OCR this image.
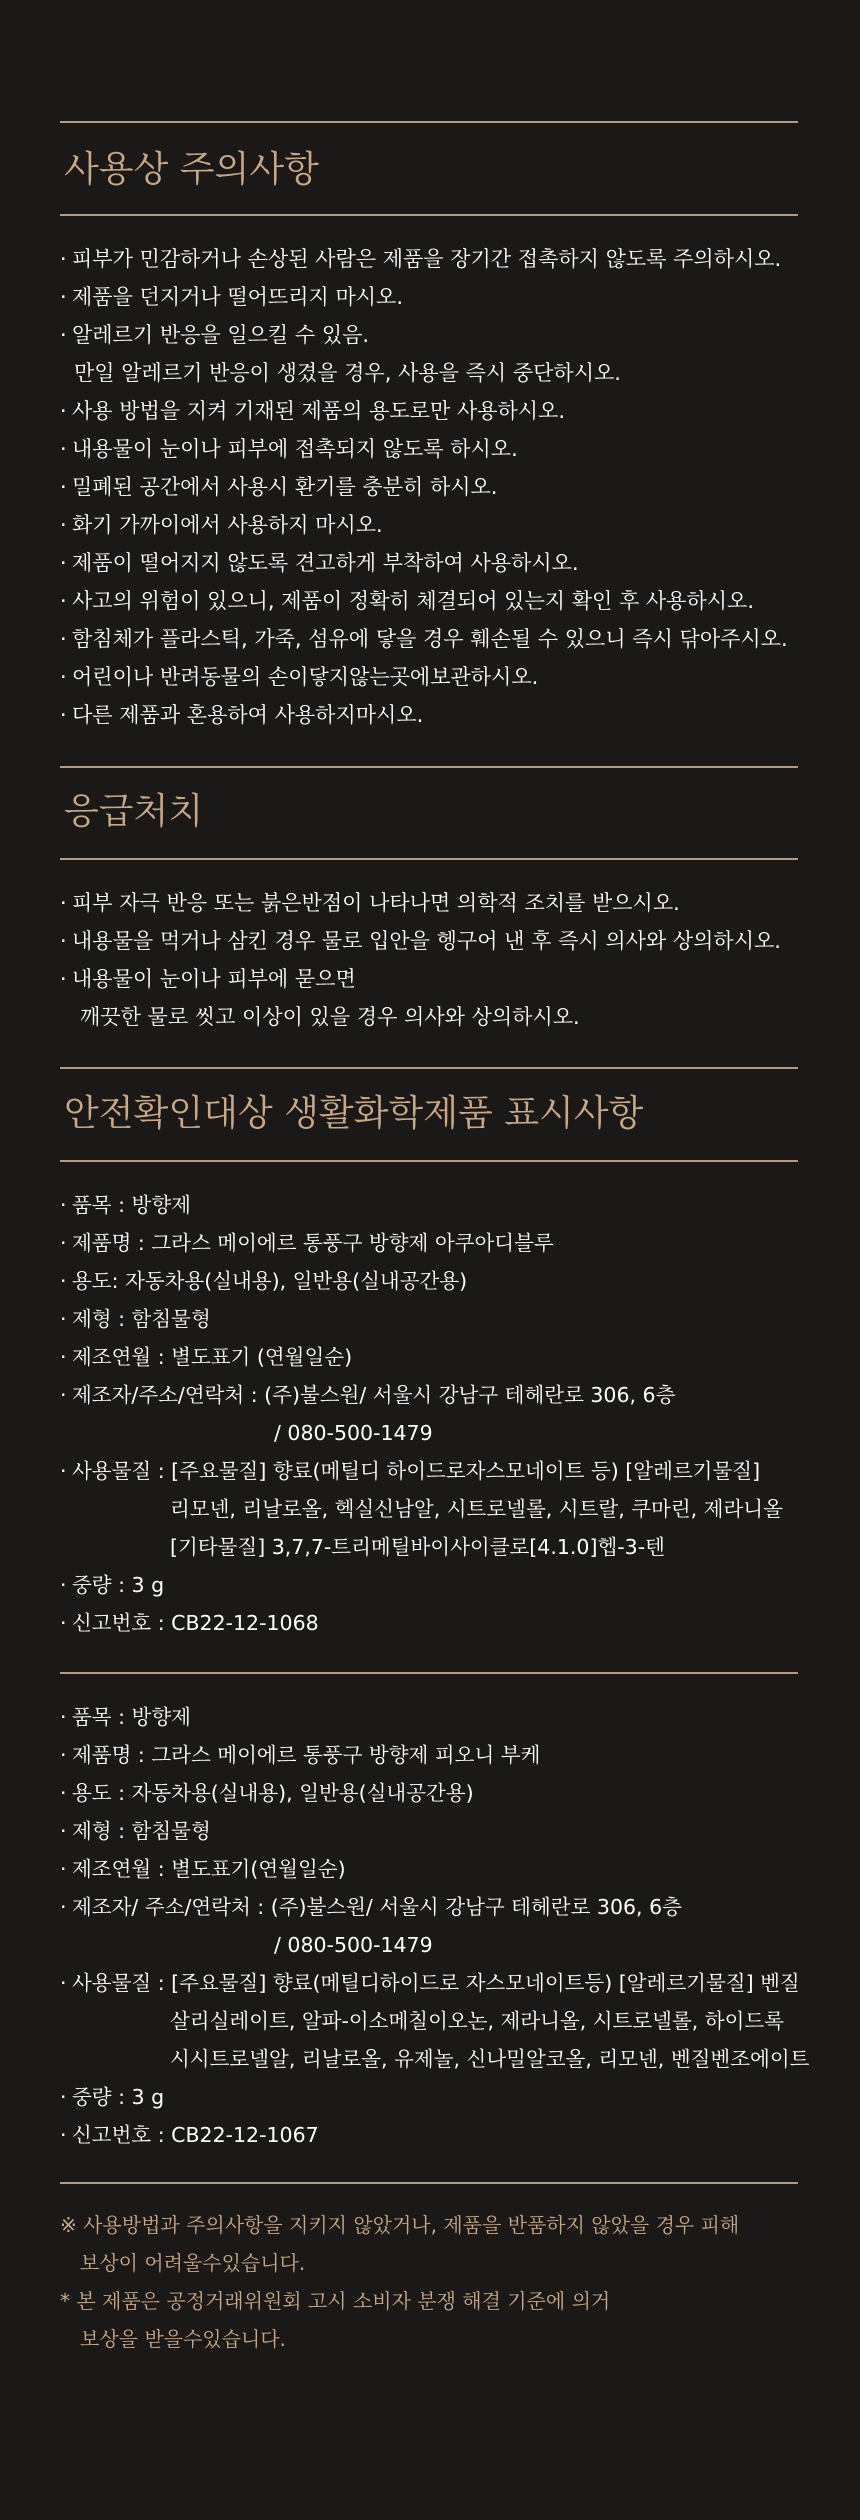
사용상 주의사항
· 피부가 민감하거나 손상된 사람은 제품을 장기간 접촉하지 않도록 주의하시오.
· 제품을 던지거나 떨어뜨리지 마시오.
· 알레르기 반응을 일으킬 수 있음.
만일 알레르기 반응이 생겼을 경우, 사용을 즉시 중단하시오.
· 사용 방법을 지켜 기재된 제품의 용도로만 사용하시오.
· 내용물이 눈이나 피부에 접촉되지 않도록 하시오.
· 밀폐된 공간에서 사용시 환기를 충분히 하시오.
· 화기 가까이에서 사용하지 마시오.
· 제품이 떨어지지 않도록 견고하게 부착하여 사용하시오.
· 사고의 위험이 있으니, 제품이 정확히 체결되어 있는지 확인 후 사용하시오.
· 함침체가 플라스틱, 가죽, 섬유에 닿을 경우 훼손될 수 있으니 즉시 닦아주시오.
· 어린이나 반려동물의 손이닿지않는곳에보관하시오.
· 다른 제품과 혼용하여 사용하지마시오.
응급처치
· 피부 자극 반응 또는 붉은반점이 나타나면 의학적 조치를 받으시오.
· 내용물을 먹거나 삼킨 경우 물로 입안을 헹구어 낸 후 즉시 의사와 상의하시오.
· 내용물이 눈이나 피부에 묻으면
깨끗한 물로 씻고 이상이 있을 경우 의사와 상의하시오.
안전확인대상 생활화학제품 표시사항
· 품목 : 방향제
· 제품명 : 그라스 메이에르 통풍구 방향제 아쿠아디블루
· 용도: 자동차용(실내용), 일반용(실내공간용)
· 제형 : 함침물형
· 제조연월 : 별도표기 (연월일순)
· 제조자/주소/연락처 : (주)불스원/ 서울시 강남구 테헤란로 306, 6층
/ 080-500-1479
· 사용물질 : [주요물질] 향료(메틸디 하이드로자스모네이트 등) [알레르기물질]
리모넨, 리날로올, 헥실신남알, 시트로넬롤, 시트랄, 쿠마린, 제라니올
[기타물질] 3,7,7-트리메틸바이사이클로[4.1.0]헵-3-텐
· 중량 : 3 g
· 신고번호 : CB22-12-1068
· 품목 : 방향제
· 제품명 : 그라스 메이에르 통풍구 방향제 피오니 부케
· 용도 : 자동차용(실내용), 일반용(실내공간용)
· 제형 : 함침물형
· 제조연월 : 별도표기(연월일순)
· 제조자/ 주소/연락처 : (주)불스원/ 서울시 강남구 테헤란로 306, 6층
/ 080-500-1479
· 사용물질 : [주요물질] 향료(메틸디하이드로 자스모네이트등) [알레르기물질] 벤질
살리실레이트, 알파-이소메칠이오논, 제라니올, 시트로넬롤, 하이드록
시시트로넬알, 리날로올, 유제놀, 신나밀알코올, 리모넨, 벤질벤조에이트
· 중량 : 3 g
· 신고번호 : CB22-12-1067
※ 사용방법과 주의사항을 지키지 않았거나, 제품을 반품하지 않았을 경우 피해
보상이 어려울수있습니다.
* 본 제품은 공정거래위원회 고시 소비자 분쟁 해결 기준에 의거
보상을 받을수있습니다.
